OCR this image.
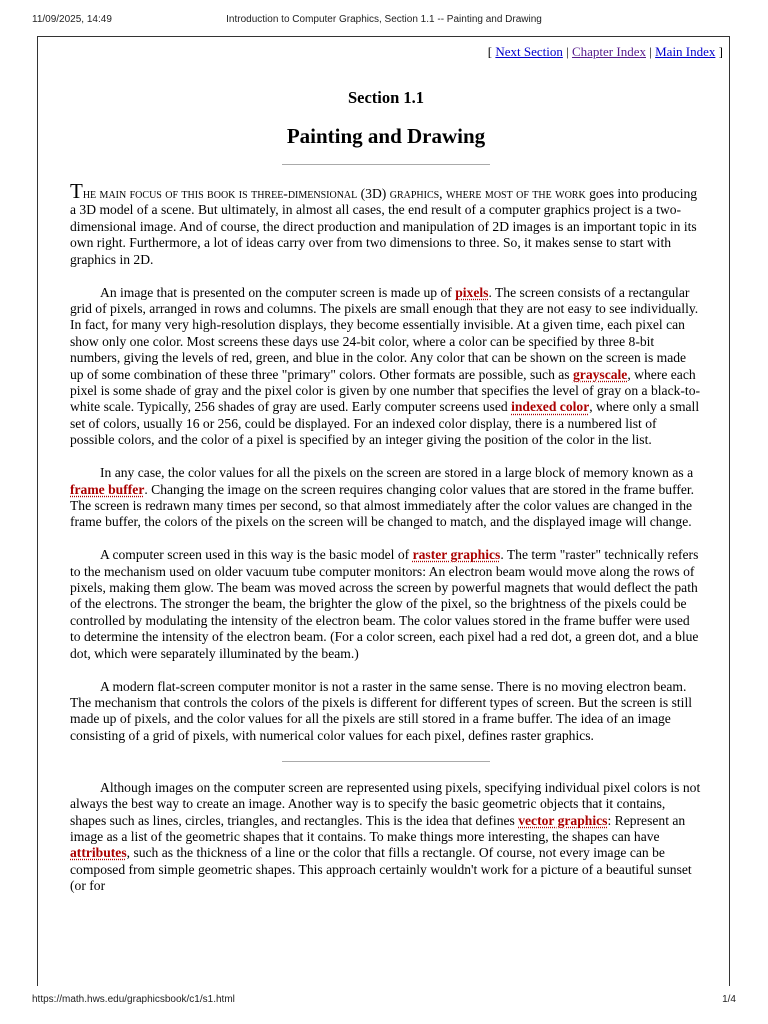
11/09/2025, 14:49	Introduction to Computer Graphics, Section 1.1 -- Painting and Drawing
[ Next Section | Chapter Index | Main Index ]
Section 1.1
Painting and Drawing

The main focus of this book is three-dimensional (3D) graphics, where most of the work goes into producing a 3D model of a scene. But ultimately, in almost all cases, the end result of a computer graphics project is a two-dimensional image. And of course, the direct production and manipulation of 2D images is an important topic in its own right. Furthermore, a lot of ideas carry over from two dimensions to three. So, it makes sense to start with graphics in 2D.

An image that is presented on the computer screen is made up of pixels. The screen consists of a rectangular grid of pixels, arranged in rows and columns. The pixels are small enough that they are not easy to see individually. In fact, for many very high-resolution displays, they become essentially invisible. At a given time, each pixel can show only one color. Most screens these days use 24-bit color, where a color can be specified by three 8-bit numbers, giving the levels of red, green, and blue in the color. Any color that can be shown on the screen is made up of some combination of these three "primary" colors. Other formats are possible, such as grayscale, where each pixel is some shade of gray and the pixel color is given by one number that specifies the level of gray on a black-to-white scale. Typically, 256 shades of gray are used. Early computer screens used indexed color, where only a small set of colors, usually 16 or 256, could be displayed. For an indexed color display, there is a numbered list of possible colors, and the color of a pixel is specified by an integer giving the position of the color in the list.

In any case, the color values for all the pixels on the screen are stored in a large block of memory known as a frame buffer. Changing the image on the screen requires changing color values that are stored in the frame buffer. The screen is redrawn many times per second, so that almost immediately after the color values are changed in the frame buffer, the colors of the pixels on the screen will be changed to match, and the displayed image will change.

A computer screen used in this way is the basic model of raster graphics. The term "raster" technically refers to the mechanism used on older vacuum tube computer monitors: An electron beam would move along the rows of pixels, making them glow. The beam was moved across the screen by powerful magnets that would deflect the path of the electrons. The stronger the beam, the brighter the glow of the pixel, so the brightness of the pixels could be controlled by modulating the intensity of the electron beam. The color values stored in the frame buffer were used to determine the intensity of the electron beam. (For a color screen, each pixel had a red dot, a green dot, and a blue dot, which were separately illuminated by the beam.)

A modern flat-screen computer monitor is not a raster in the same sense. There is no moving electron beam. The mechanism that controls the colors of the pixels is different for different types of screen. But the screen is still made up of pixels, and the color values for all the pixels are still stored in a frame buffer. The idea of an image consisting of a grid of pixels, with numerical color values for each pixel, defines raster graphics.

Although images on the computer screen are represented using pixels, specifying individual pixel colors is not always the best way to create an image. Another way is to specify the basic geometric objects that it contains, shapes such as lines, circles, triangles, and rectangles. This is the idea that defines vector graphics: Represent an image as a list of the geometric shapes that it contains. To make things more interesting, the shapes can have attributes, such as the thickness of a line or the color that fills a rectangle. Of course, not every image can be composed from simple geometric shapes. This approach certainly wouldn't work for a picture of a beautiful sunset (or for

https://math.hws.edu/graphicsbook/c1/s1.html	1/4
